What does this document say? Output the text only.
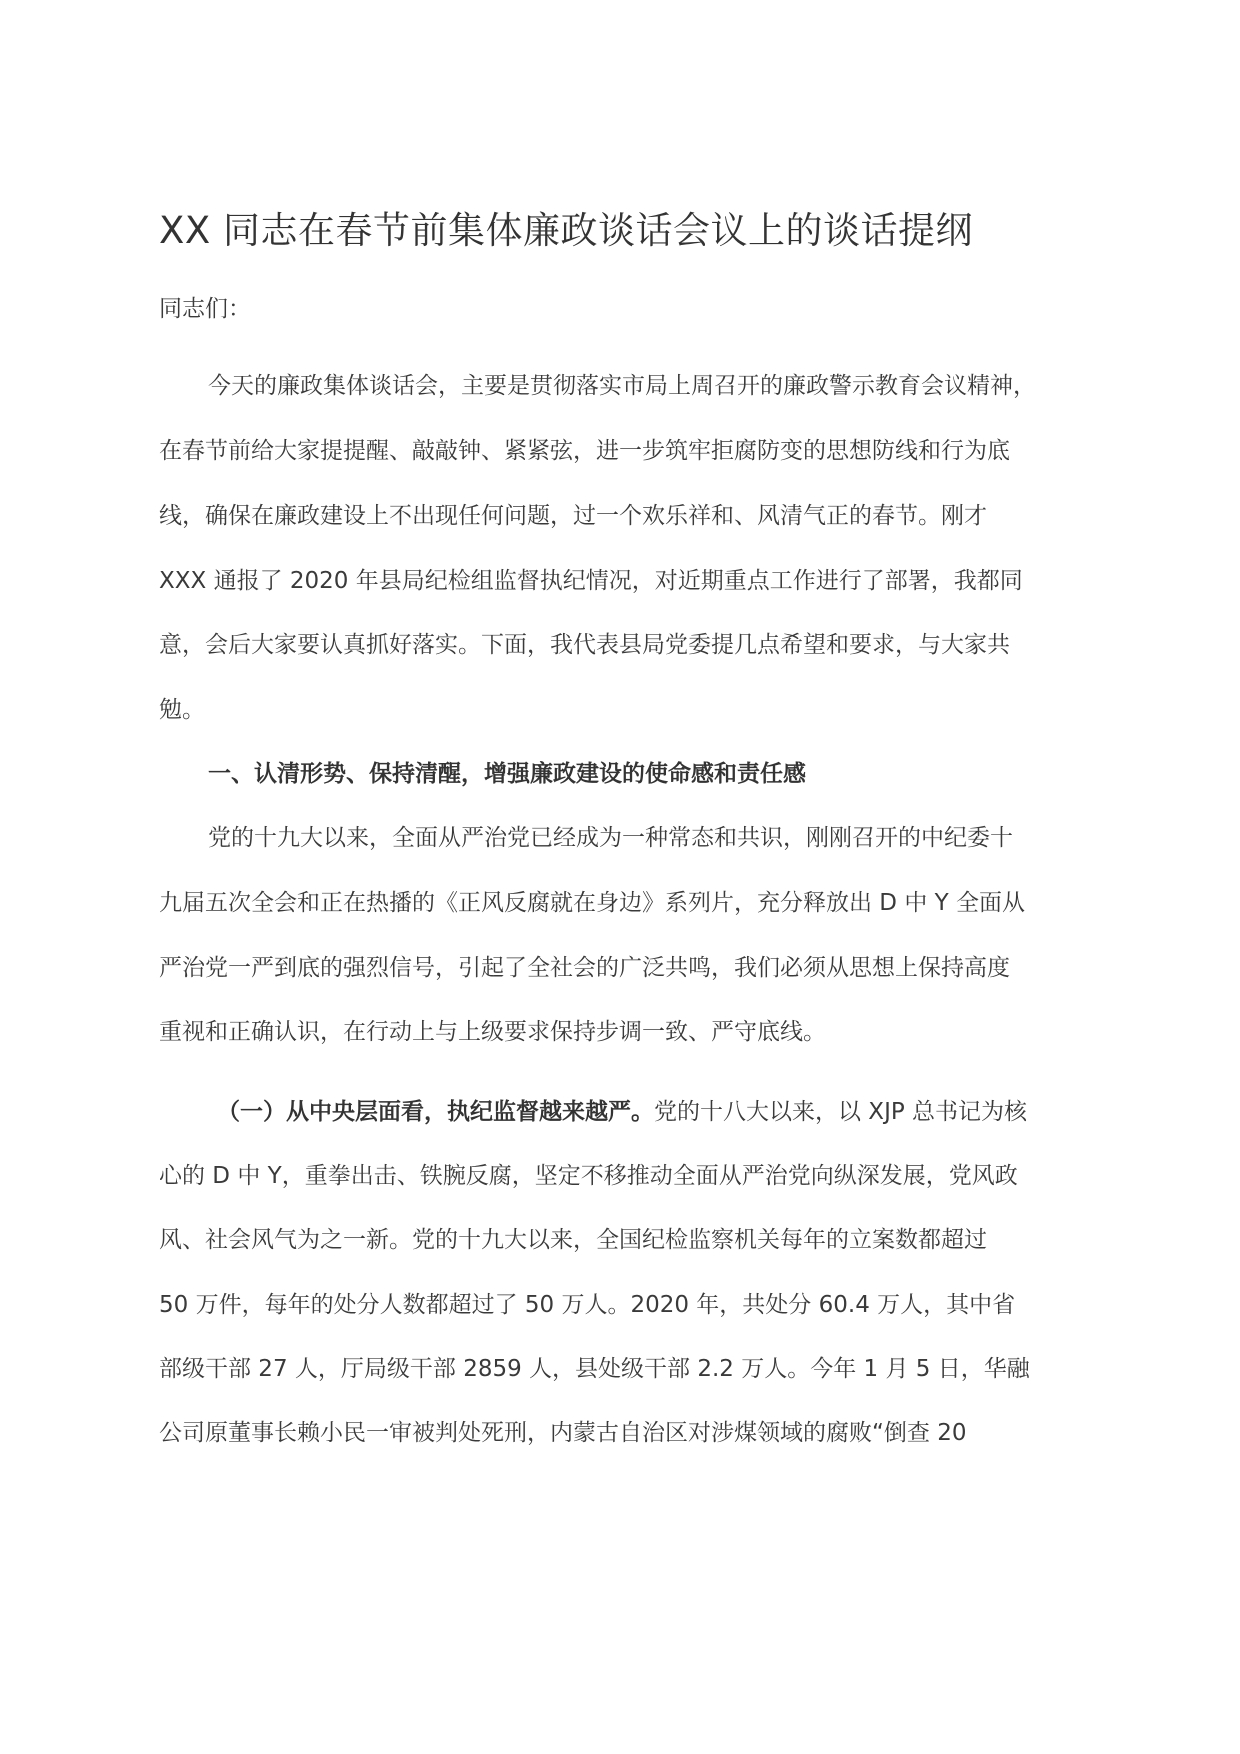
XX 同志在春节前集体廉政谈话会议上的谈话提纲

同志们：

今天的廉政集体谈话会，主要是贯彻落实市局上周召开的廉政警示教育会议精神，

在春节前给大家提提醒、敲敲钟、紧紧弦，进一步筑牢拒腐防变的思想防线和行为底

线，确保在廉政建设上不出现任何问题，过一个欢乐祥和、风清气正的春节。刚才

XXX 通报了 2020 年县局纪检组监督执纪情况，对近期重点工作进行了部署，我都同

意，会后大家要认真抓好落实。下面，我代表县局党委提几点希望和要求，与大家共

勉。

一、认清形势、保持清醒，增强廉政建设的使命感和责任感

党的十九大以来，全面从严治党已经成为一种常态和共识，刚刚召开的中纪委十

九届五次全会和正在热播的《正风反腐就在身边》系列片，充分释放出 D 中 Y 全面从

严治党一严到底的强烈信号，引起了全社会的广泛共鸣，我们必须从思想上保持高度

重视和正确认识，在行动上与上级要求保持步调一致、严守底线。

（一）从中央层面看，执纪监督越来越严。党的十八大以来，以 XJP 总书记为核

心的 D 中 Y，重拳出击、铁腕反腐，坚定不移推动全面从严治党向纵深发展，党风政

风、社会风气为之一新。党的十九大以来，全国纪检监察机关每年的立案数都超过

50 万件，每年的处分人数都超过了 50 万人。2020 年，共处分 60.4 万人，其中省

部级干部 27 人，厅局级干部 2859 人，县处级干部 2.2 万人。今年 1 月 5 日，华融

公司原董事长赖小民一审被判处死刑，内蒙古自治区对涉煤领域的腐败“倒查 20
